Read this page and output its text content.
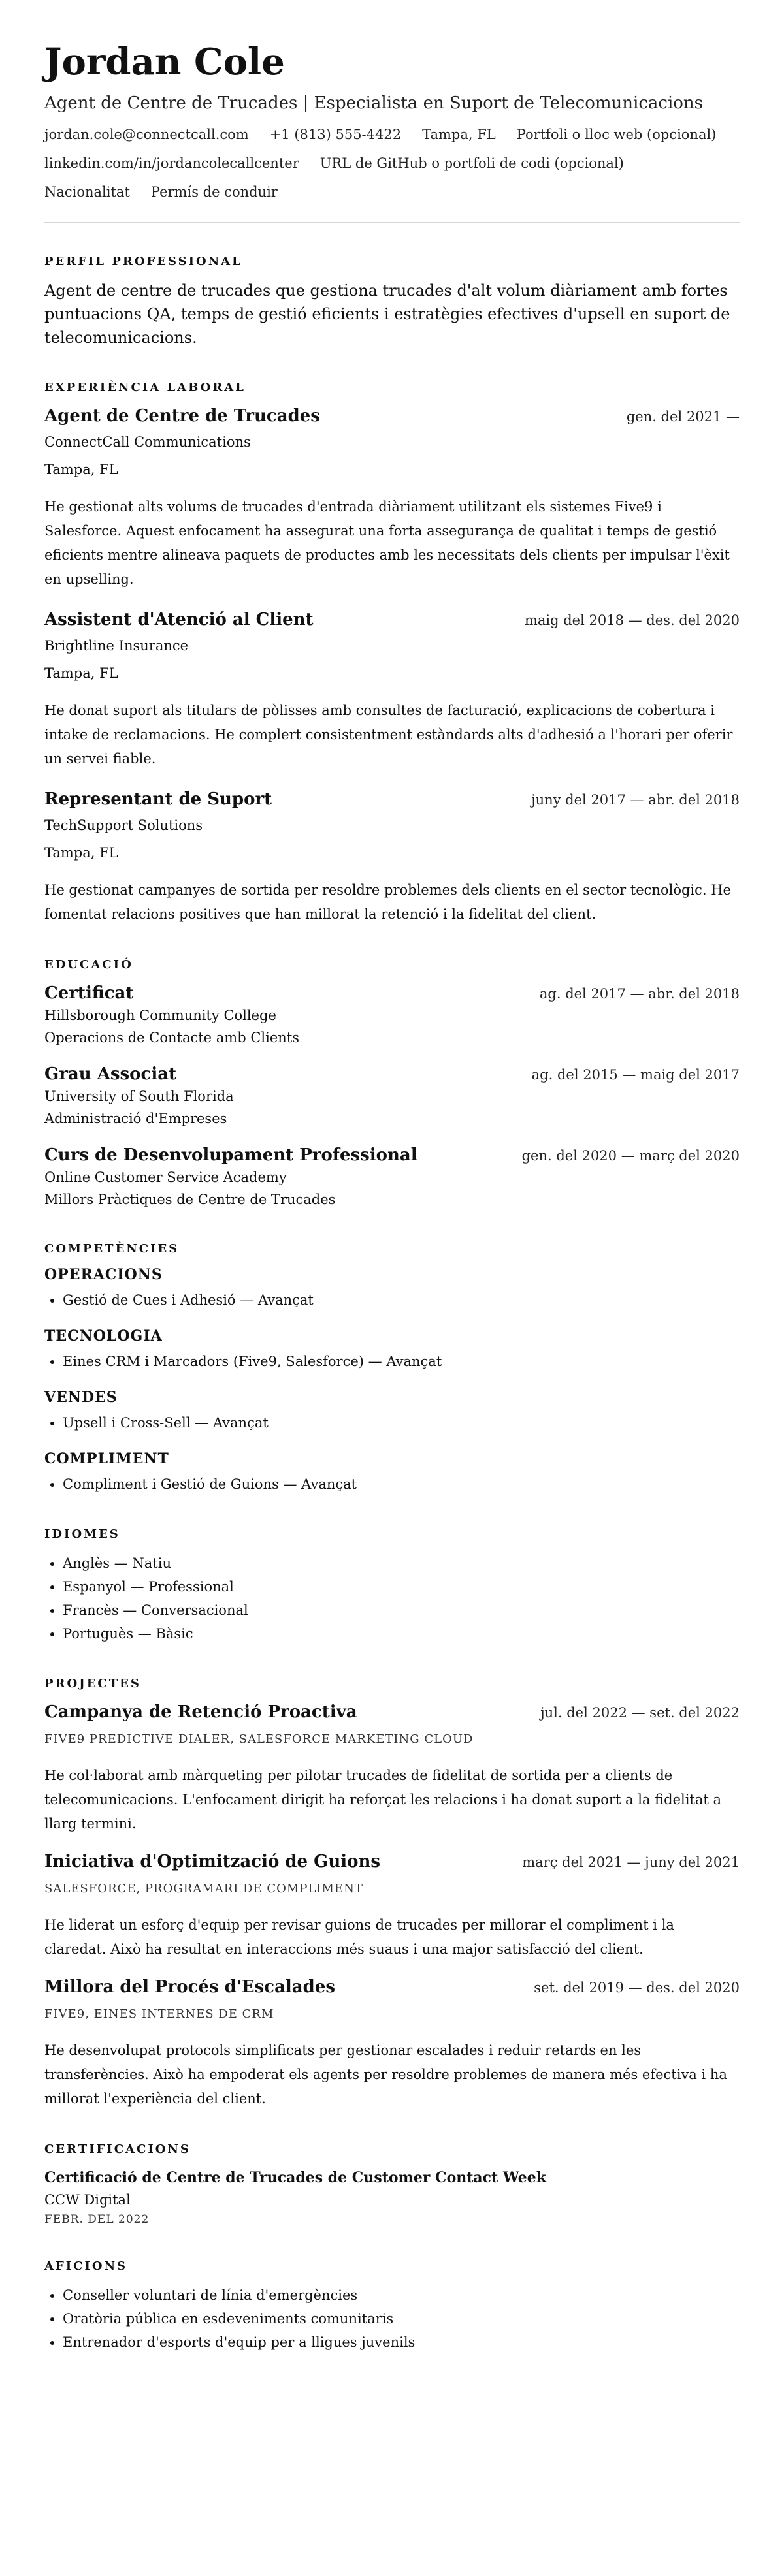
Jordan Cole
Agent de Centre de Trucades | Especialista en Suport de Telecomunicacions
jordan.cole@connectcall.com +1 (813) 555-4422 Tampa, FL Portfoli o lloc web (opcional)
linkedin.com/in/jordancolecallcenter URL de GitHub o portfoli de codi (opcional)
Nacionalitat Permís de conduir
PERFIL PROFESSIONAL
Agent de centre de trucades que gestiona trucades d'alt volum diàriament amb fortes puntuacions QA, temps de gestió eficients i estratègies efectives d'upsell en suport de telecomunicacions.
EXPERIÈNCIA LABORAL
Agent de Centre de Trucades	gen. del 2021 —
ConnectCall Communications
Tampa, FL
He gestionat alts volums de trucades d'entrada diàriament utilitzant els sistemes Five9 i Salesforce. Aquest enfocament ha assegurat una forta assegurança de qualitat i temps de gestió eficients mentre alineava paquets de productes amb les necessitats dels clients per impulsar l'èxit en upselling.
Assistent d'Atenció al Client	maig del 2018 — des. del 2020
Brightline Insurance
Tampa, FL
He donat suport als titulars de pòlisses amb consultes de facturació, explicacions de cobertura i intake de reclamacions. He complert consistentment estàndards alts d'adhesió a l'horari per oferir un servei fiable.
Representant de Suport	juny del 2017 — abr. del 2018
TechSupport Solutions
Tampa, FL
He gestionat campanyes de sortida per resoldre problemes dels clients en el sector tecnològic. He fomentat relacions positives que han millorat la retenció i la fidelitat del client.
EDUCACIÓ
Certificat	ag. del 2017 — abr. del 2018
Hillsborough Community College
Operacions de Contacte amb Clients
Grau Associat	ag. del 2015 — maig del 2017
University of South Florida
Administració d'Empreses
Curs de Desenvolupament Professional	gen. del 2020 — març del 2020
Online Customer Service Academy
Millors Pràctiques de Centre de Trucades
COMPETÈNCIES
OPERACIONS
• Gestió de Cues i Adhesió — Avançat
TECNOLOGIA
• Eines CRM i Marcadors (Five9, Salesforce) — Avançat
VENDES
• Upsell i Cross-Sell — Avançat
COMPLIMENT
• Compliment i Gestió de Guions — Avançat
IDIOMES
• Anglès — Natiu
• Espanyol — Professional
• Francès — Conversacional
• Portuguès — Bàsic
PROJECTES
Campanya de Retenció Proactiva	jul. del 2022 — set. del 2022
FIVE9 PREDICTIVE DIALER, SALESFORCE MARKETING CLOUD
He col·laborat amb màrqueting per pilotar trucades de fidelitat de sortida per a clients de telecomunicacions. L'enfocament dirigit ha reforçat les relacions i ha donat suport a la fidelitat a llarg termini.
Iniciativa d'Optimització de Guions	març del 2021 — juny del 2021
SALESFORCE, PROGRAMARI DE COMPLIMENT
He liderat un esforç d'equip per revisar guions de trucades per millorar el compliment i la claredat. Això ha resultat en interaccions més suaus i una major satisfacció del client.
Millora del Procés d'Escalades	set. del 2019 — des. del 2020
FIVE9, EINES INTERNES DE CRM
He desenvolupat protocols simplificats per gestionar escalades i reduir retards en les transferències. Això ha empoderat els agents per resoldre problemes de manera més efectiva i ha millorat l'experiència del client.
CERTIFICACIONS
Certificació de Centre de Trucades de Customer Contact Week
CCW Digital
FEBR. DEL 2022
AFICIONS
• Conseller voluntari de línia d'emergències
• Oratòria pública en esdeveniments comunitaris
• Entrenador d'esports d'equip per a lligues juvenils
